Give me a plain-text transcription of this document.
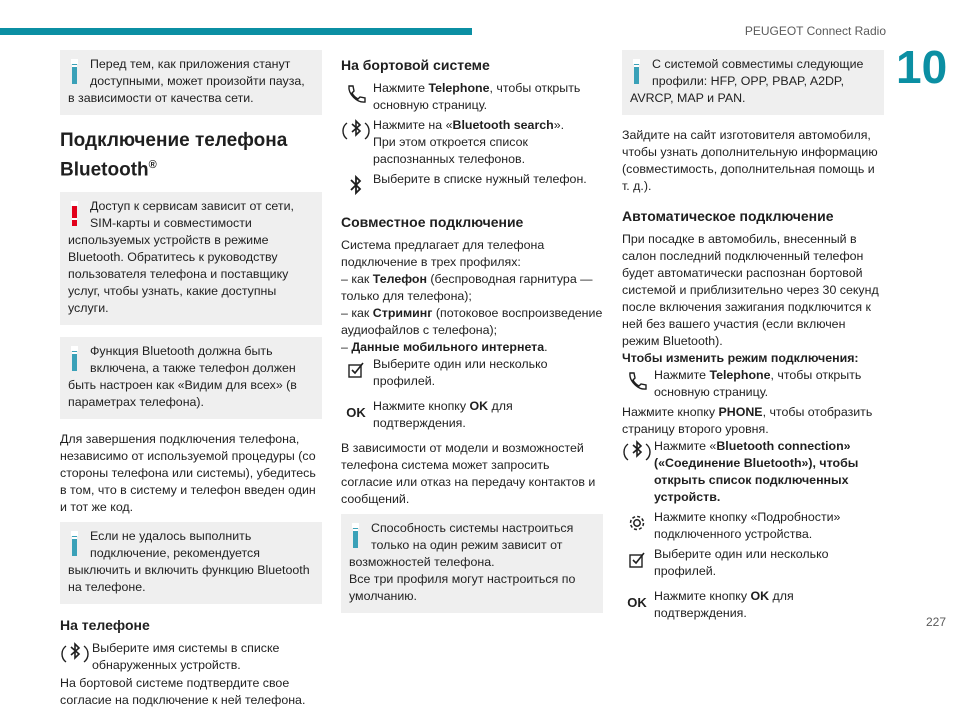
PEUGEOT Connect Radio
10

Перед тем, как приложения станут доступными, может произойти пауза, в зависимости от качества сети.

Подключение телефона Bluetooth®

Доступ к сервисам зависит от сети, SIM-карты и совместимости используемых устройств в режиме Bluetooth. Обратитесь к руководству пользователя телефона и поставщику услуг, чтобы узнать, какие доступны услуги.

Функция Bluetooth должна быть включена, а также телефон должен быть настроен как «Видим для всех» (в параметрах телефона).

Для завершения подключения телефона, независимо от используемой процедуры (со стороны телефона или системы), убедитесь в том, что в систему и телефон введен один и тот же код.

Если не удалось выполнить подключение, рекомендуется выключить и включить функцию Bluetooth на телефоне.

На телефоне
Выберите имя системы в списке обнаруженных устройств.

На бортовой системе подтвердите свое согласие на подключение к ней телефона.

На бортовой системе
Нажмите Telephone, чтобы открыть основную страницу.
Нажмите на «Bluetooth search».
При этом откроется список распознанных телефонов.
Выберите в списке нужный телефон.
Совместное подключение

Система предлагает для телефона подключение в трех профилях:

– как Телефон (беспроводная гарнитура — только для телефона);

– как Стриминг (потоковое воспроизведение аудиофайлов с телефона);

– Данные мобильного интернета.

Выберите один или несколько профилей.
OK Нажмите кнопку OK для подтверждения.

В зависимости от модели и возможностей телефона система может запросить согласие или отказ на передачу контактов и сообщений.

Способность системы настроиться только на один режим зависит от возможностей телефона.

Все три профиля могут настроиться по умолчанию.

С системой совместимы следующие профили: HFP, OPP, PBAP, A2DP, AVRCP, MAP и PAN.

Зайдите на сайт изготовителя автомобиля, чтобы узнать дополнительную информацию (совместимость, дополнительная помощь и т. д.).

Автоматическое подключение

При посадке в автомобиль, внесенный в салон последний подключенный телефон будет автоматически распознан бортовой системой и приблизительно через 30 секунд после включения зажигания подключится к ней без вашего участия (если включен режим Bluetooth).

Чтобы изменить режим подключения:

Нажмите Telephone, чтобы открыть основную страницу.

Нажмите кнопку PHONE, чтобы отобразить страницу второго уровня.

Нажмите «Bluetooth connection» («Соединение Bluetooth»), чтобы открыть список подключенных устройств.
Нажмите кнопку «Подробности» подключенного устройства.
Выберите один или несколько профилей.
OK Нажмите кнопку OK для подтверждения.
227
